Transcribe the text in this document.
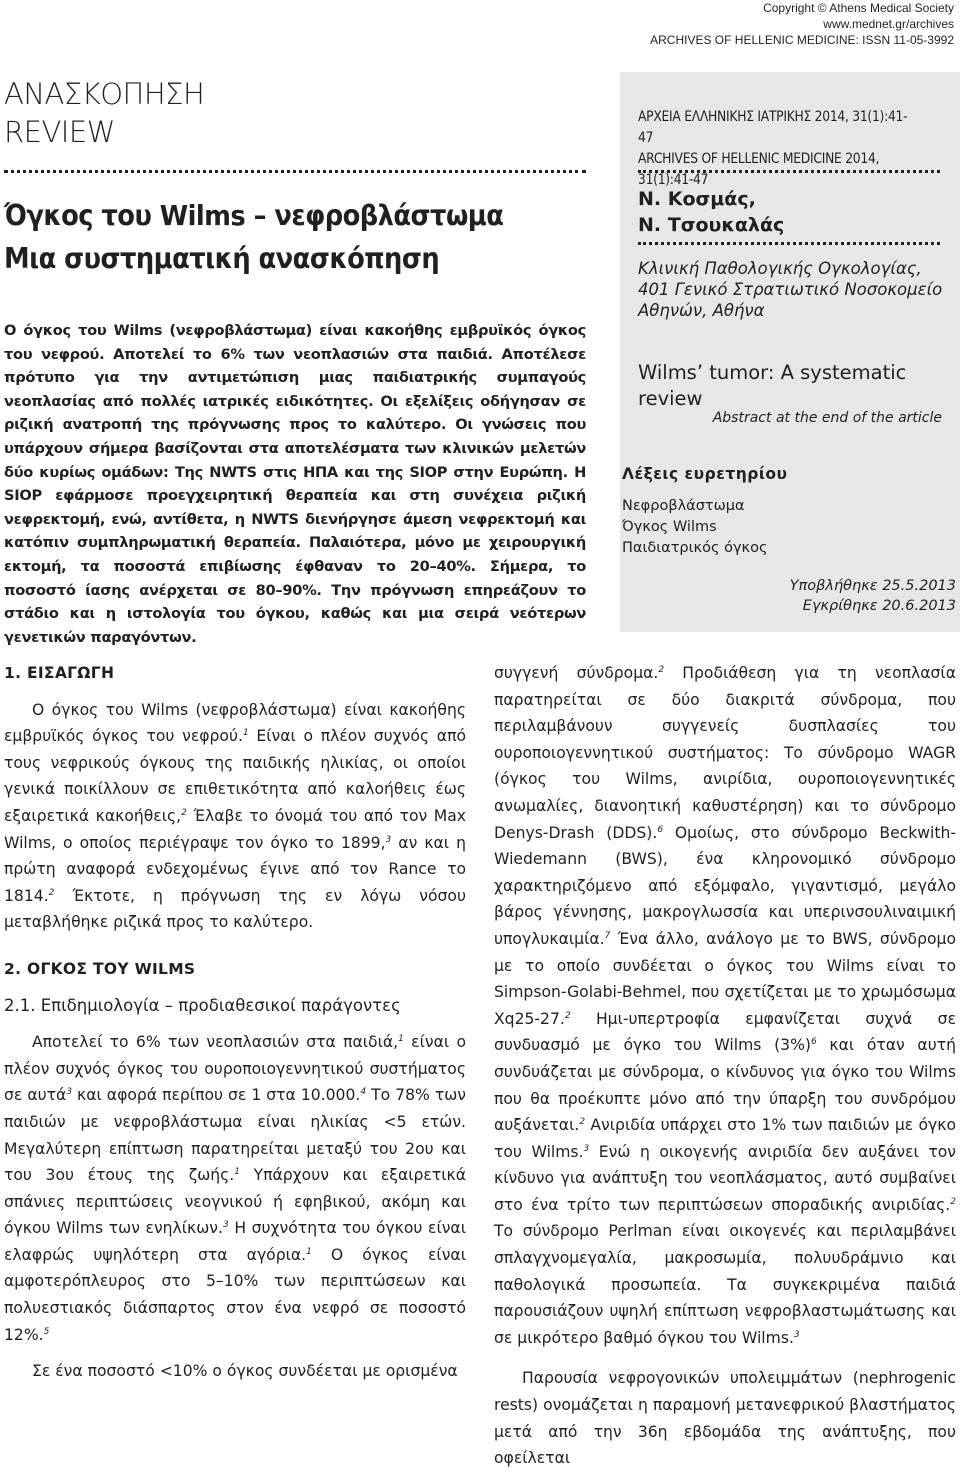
Copyright © Athens Medical Society
www.mednet.gr/archives
ARCHIVES OF HELLENIC MEDICINE: ISSN 11-05-3992
ΑΝΑΣΚΟΠΗΣΗ
REVIEW
Όγκος του Wilms – νεφροβλάστωμα
Μια συστηματική ανασκόπηση
Ο όγκος του Wilms (νεφροβλάστωμα) είναι κακοήθης εμβρυϊκός όγκος του νεφρού. Αποτελεί το 6% των νεοπλασιών στα παιδιά. Αποτέλεσε πρότυπο για την αντιμετώπιση μιας παιδιατρικής συμπαγούς νεοπλασίας από πολλές ιατρικές ειδικότητες. Οι εξελίξεις οδήγησαν σε ριζική ανατροπή της πρόγνωσης προς το καλύτερο. Οι γνώσεις που υπάρχουν σήμερα βασίζονται στα αποτελέσματα των κλινικών μελετών δύο κυρίως ομάδων: Της NWTS στις ΗΠΑ και της SIOP στην Ευρώπη. Η SIOP εφάρμοσε προεγχειρητική θεραπεία και στη συνέχεια ριζική νεφρεκτομή, ενώ, αντίθετα, η NWTS διενήργησε άμεση νεφρεκτομή και κατόπιν συμπληρωματική θεραπεία. Παλαιότερα, μόνο με χειρουργική εκτομή, τα ποσοστά επιβίωσης έφθαναν το 20–40%. Σήμερα, το ποσοστό ίασης ανέρχεται σε 80–90%. Την πρόγνωση επηρεάζουν το στάδιο και η ιστολογία του όγκου, καθώς και μια σειρά νεότερων γενετικών παραγόντων.
ΑΡΧΕΙΑ ΕΛΛΗΝΙΚΗΣ ΙΑΤΡΙΚΗΣ 2014, 31(1):41-47
ARCHIVES OF HELLENIC MEDICINE 2014, 31(1):41-47
Ν. Κοσμάς,
Ν. Τσουκαλάς
Κλινική Παθολογικής Ογκολογίας,
401 Γενικό Στρατιωτικό Νοσοκομείο
Αθηνών, Αθήνα
Wilms’ tumor: A systematic review
Abstract at the end of the article
Λέξεις ευρετηρίου
Νεφροβλάστωμα
Όγκος Wilms
Παιδιατρικός όγκος
Υποβλήθηκε 25.5.2013
Εγκρίθηκε 20.6.2013

1. ΕΙΣΑΓΩΓΗ

Ο όγκος του Wilms (νεφροβλάστωμα) είναι κακοήθης εμβρυϊκός όγκος του νεφρού.$^1$ Είναι ο πλέον συχνός από τους νεφρικούς όγκους της παιδικής ηλικίας, οι οποίοι γενικά ποικίλλουν σε επιθετικότητα από καλοήθεις έως εξαιρετικά κακοήθεις,$^2$ Έλαβε το όνομά του από τον Max Wilms, ο οποίος περιέγραψε τον όγκο το 1899,$^3$ αν και η πρώτη αναφορά ενδεχομένως έγινε από τον Rance το 1814.$^2$ Έκτοτε, η πρόγνωση της εν λόγω νόσου μεταβλήθηκε ριζικά προς το καλύτερο.

2. ΟΓΚΟΣ ΤΟΥ WILMS

2.1. Επιδημιολογία – προδιαθεσικοί παράγοντες

Αποτελεί το 6% των νεοπλασιών στα παιδιά,$^1$ είναι ο πλέον συχνός όγκος του ουροποιογεννητικού συστήματος σε αυτά$^3$ και αφορά περίπου σε 1 στα 10.000.$^4$ Το 78% των παιδιών με νεφροβλάστωμα είναι ηλικίας <5 ετών. Μεγαλύτερη επίπτωση παρατηρείται μεταξύ του 2ου και του 3ου έτους της ζωής.$^1$ Υπάρχουν και εξαιρετικά σπάνιες περιπτώσεις νεογνικού ή εφηβικού, ακόμη και όγκου Wilms των ενηλίκων.$^3$ Η συχνότητα του όγκου είναι ελαφρώς υψηλότερη στα αγόρια.$^1$ Ο όγκος είναι αμφοτερόπλευρος στο 5–10% των περιπτώσεων και πολυεστιακός διάσπαρτος στον ένα νεφρό σε ποσοστό 12%.$^5$

Σε ένα ποσοστό <10% ο όγκος συνδέεται με ορισμένα

συγγενή σύνδρομα.$^2$ Προδιάθεση για τη νεοπλασία παρατηρείται σε δύο διακριτά σύνδρομα, που περιλαμβάνουν συγγενείς δυσπλασίες του ουροποιογεννητικού συστήματος: Το σύνδρομο WAGR (όγκος του Wilms, ανιρίδια, ουροποιογεννητικές ανωμαλίες, διανοητική καθυστέρηση) και το σύνδρομο Denys-Drash (DDS).$^6$ Ομοίως, στο σύνδρομο Beckwith-Wiedemann (BWS), ένα κληρονομικό σύνδρομο χαρακτηριζόμενο από εξόμφαλο, γιγαντισμό, μεγάλο βάρος γέννησης, μακρογλωσσία και υπερινσουλιναιμική υπογλυκαιμία.$^7$ Ένα άλλο, ανάλογο με το BWS, σύνδρομο με το οποίο συνδέεται ο όγκος του Wilms είναι το Simpson-Golabi-Behmel, που σχετίζεται με το χρωμόσωμα Xq25-27.$^2$ Ημι-υπερτροφία εμφανίζεται συχνά σε συνδυασμό με όγκο του Wilms $(3\%)^6$ και όταν αυτή συνδυάζεται με σύνδρομα, ο κίνδυνος για όγκο του Wilms που θα προέκυπτε μόνο από την ύπαρξη του συνδρόμου αυξάνεται.$^2$ Ανιριδία υπάρχει στο 1% των παιδιών με όγκο του Wilms.$^3$ Ενώ η οικογενής ανιριδία δεν αυξάνει τον κίνδυνο για ανάπτυξη του νεοπλάσματος, αυτό συμβαίνει στο ένα τρίτο των περιπτώσεων σποραδικής ανιριδίας.$^2$ Το σύνδρομο Perlman είναι οικογενές και περιλαμβάνει σπλαγχνομεγαλία, μακροσωμία, πολυυδράμνιο και παθολογικά προσωπεία. Τα συγκεκριμένα παιδιά παρουσιάζουν υψηλή επίπτωση νεφροβλαστωμάτωσης και σε μικρότερο βαθμό όγκου του Wilms.$^3$

Παρουσία νεφρογονικών υπολειμμάτων (nephrogenic rests) ονομάζεται η παραμονή μετανεφρικού βλαστήματος μετά από την 36η εβδομάδα της ανάπτυξης, που οφείλεται
